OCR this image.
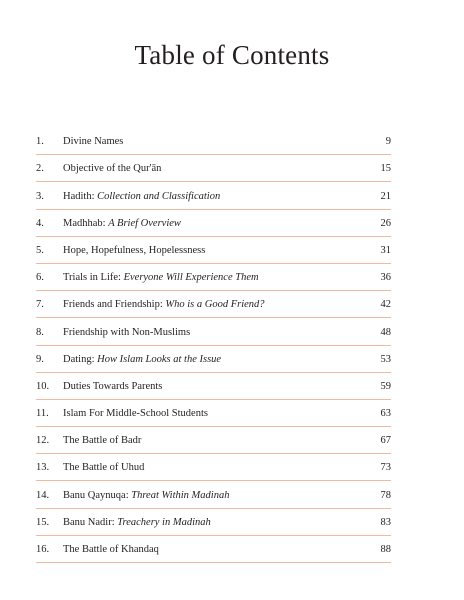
Table of Contents
1. Divine Names	9
2. Objective of the Qur'ān	15
3. Hadith: Collection and Classification	21
4. Madhhab: A Brief Overview	26
5. Hope, Hopefulness, Hopelessness	31
6. Trials in Life: Everyone Will Experience Them	36
7. Friends and Friendship: Who is a Good Friend?	42
8. Friendship with Non-Muslims	48
9. Dating: How Islam Looks at the Issue	53
10. Duties Towards Parents	59
11. Islam For Middle-School Students	63
12. The Battle of Badr	67
13. The Battle of Uhud	73
14. Banu Qaynuqa: Threat Within Madinah	78
15. Banu Nadir: Treachery in Madinah	83
16. The Battle of Khandaq	88
